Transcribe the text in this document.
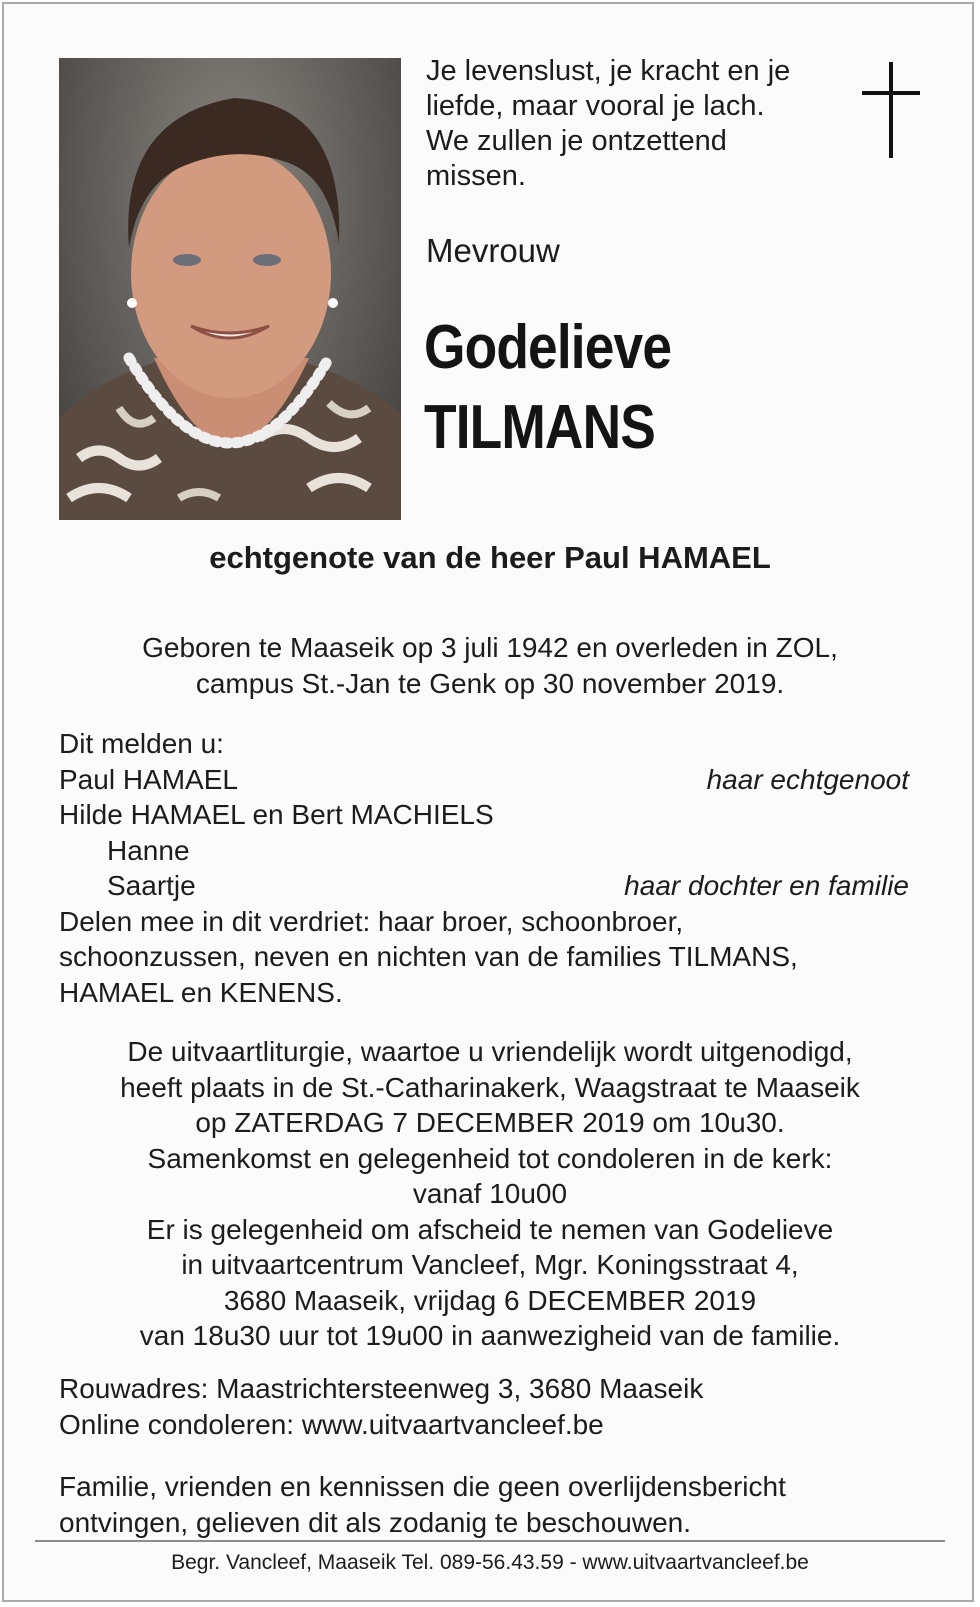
Je levenslust, je kracht en je
liefde, maar vooral je lach.
We zullen je ontzettend
missen.

Mevrouw

Godelieve
TILMANS

echtgenote van de heer Paul HAMAEL

Geboren te Maaseik op 3 juli 1942 en overleden in ZOL,
campus St.-Jan te Genk op 30 november 2019.

Dit melden u:
Paul HAMAEL	haar echtgenoot
Hilde HAMAEL en Bert MACHIELS
Hanne
Saartje	haar dochter en familie
Delen mee in dit verdriet: haar broer, schoonbroer,
schoonzussen, neven en nichten van de families TILMANS,
HAMAEL en KENENS.

De uitvaartliturgie, waartoe u vriendelijk wordt uitgenodigd,
heeft plaats in de St.-Catharinakerk, Waagstraat te Maaseik
op ZATERDAG 7 DECEMBER 2019 om 10u30.
Samenkomst en gelegenheid tot condoleren in de kerk:
vanaf 10u00
Er is gelegenheid om afscheid te nemen van Godelieve
in uitvaartcentrum Vancleef, Mgr. Koningsstraat 4,
3680 Maaseik, vrijdag 6 DECEMBER 2019
van 18u30 uur tot 19u00 in aanwezigheid van de familie.

Rouwadres: Maastrichtersteenweg 3, 3680 Maaseik
Online condoleren: www.uitvaartvancleef.be

Familie, vrienden en kennissen die geen overlijdensbericht
ontvingen, gelieven dit als zodanig te beschouwen.

Begr. Vancleef, Maaseik Tel. 089-56.43.59 - www.uitvaartvancleef.be
